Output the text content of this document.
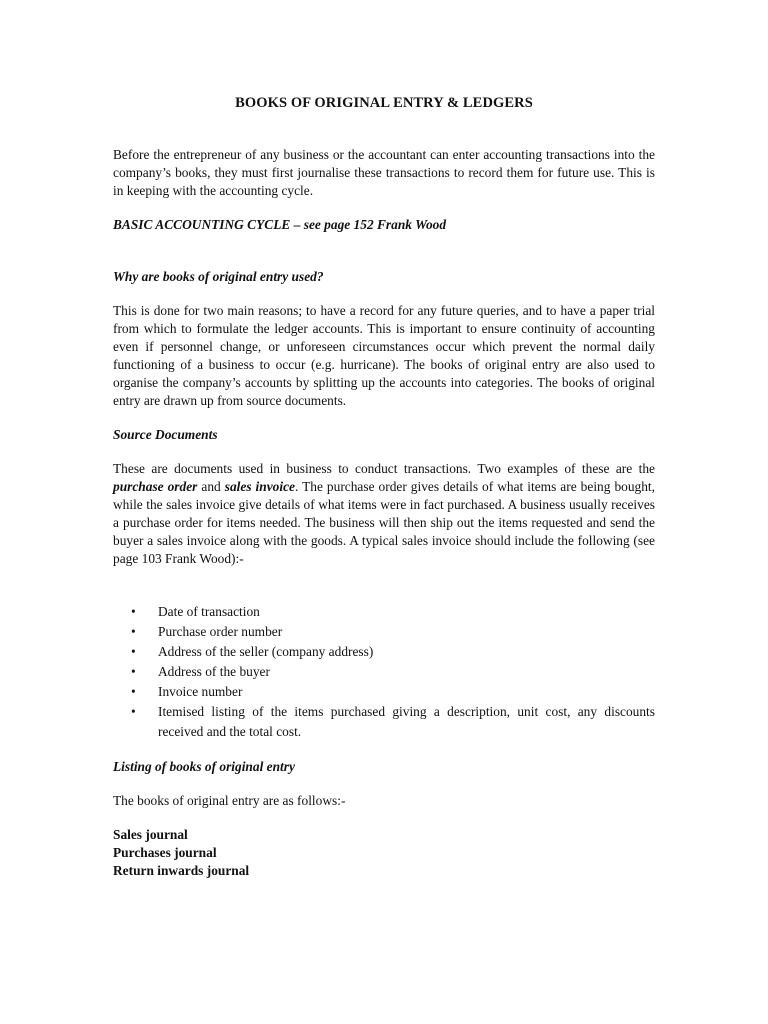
BOOKS OF ORIGINAL ENTRY & LEDGERS

Before the entrepreneur of any business or the accountant can enter accounting transactions into the company’s books, they must first journalise these transactions to record them for future use. This is in keeping with the accounting cycle.

BASIC ACCOUNTING CYCLE – see page 152 Frank Wood

Why are books of original entry used?

This is done for two main reasons; to have a record for any future queries, and to have a paper trial from which to formulate the ledger accounts. This is important to ensure continuity of accounting even if personnel change, or unforeseen circumstances occur which prevent the normal daily functioning of a business to occur (e.g. hurricane). The books of original entry are also used to organise the company’s accounts by splitting up the accounts into categories. The books of original entry are drawn up from source documents.

Source Documents

These are documents used in business to conduct transactions. Two examples of these are the purchase order and sales invoice. The purchase order gives details of what items are being bought, while the sales invoice give details of what items were in fact purchased. A business usually receives a purchase order for items needed. The business will then ship out the items requested and send the buyer a sales invoice along with the goods. A typical sales invoice should include the following (see page 103 Frank Wood):-

•	Date of transaction
•	Purchase order number
•	Address of the seller (company address)
•	Address of the buyer
•	Invoice number
•	Itemised listing of the items purchased giving a description, unit cost, any discounts received and the total cost.

Listing of books of original entry

The books of original entry are as follows:-

Sales journal

Purchases journal

Return inwards journal
